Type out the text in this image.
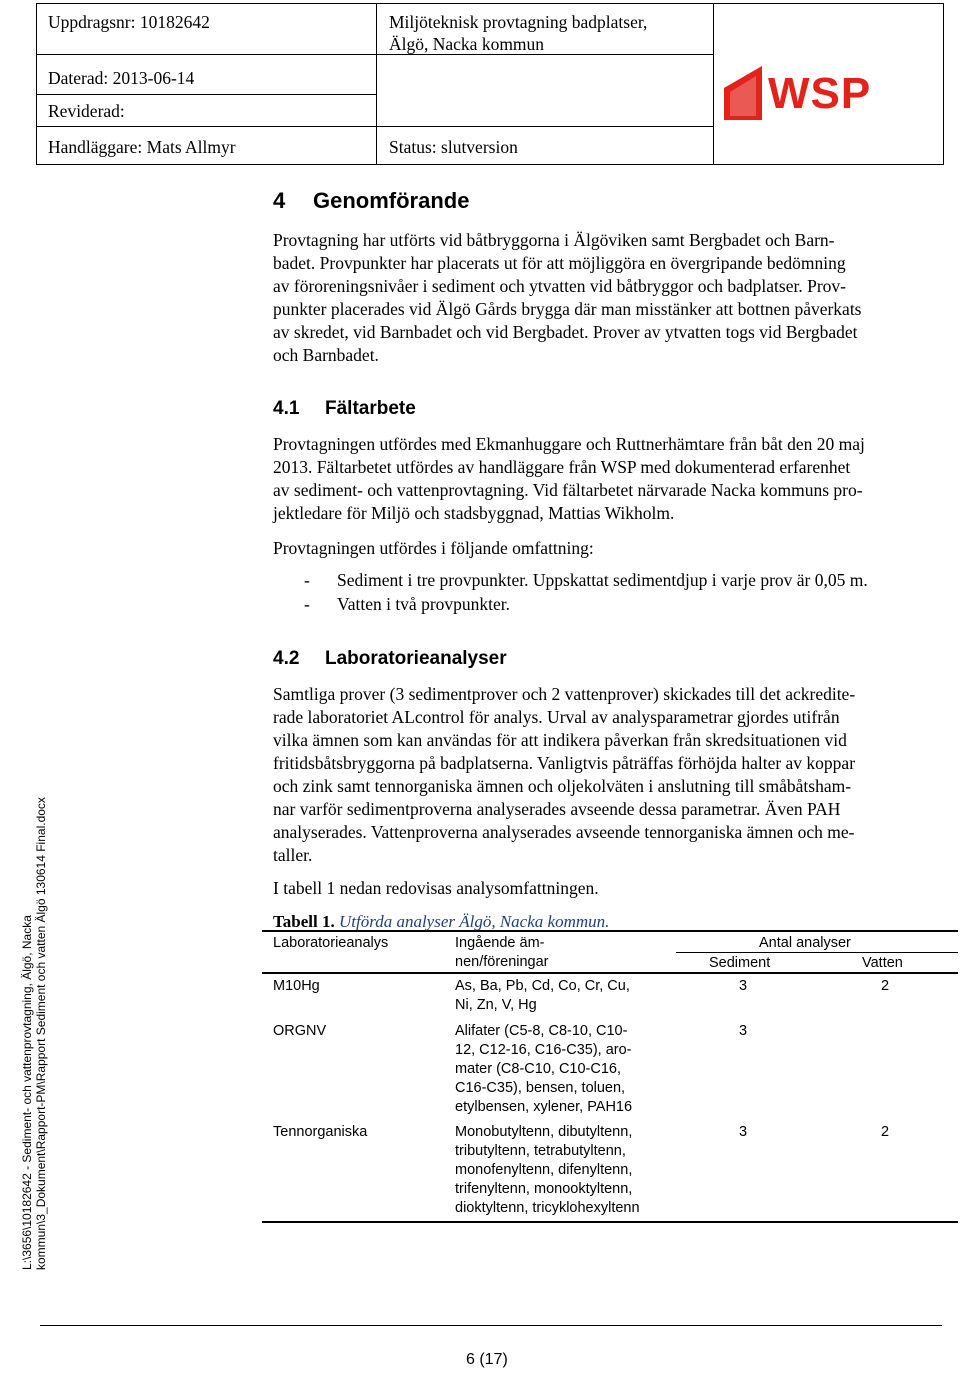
Uppdragsnr: 10182642	Miljöteknisk provtagning badplatser,
Älgö, Nacka kommun
Daterad: 2013-06-14
Reviderad:
Handläggare: Mats Allmyr	Status: slutversion
WSP
4 Genomförande
Provtagning har utförts vid båtbryggorna i Älgöviken samt Bergbadet och Barn-
badet. Provpunkter har placerats ut för att möjliggöra en övergripande bedömning
av föroreningsnivåer i sediment och ytvatten vid båtbryggor och badplatser. Prov-
punkter placerades vid Älgö Gårds brygga där man misstänker att bottnen påverkats
av skredet, vid Barnbadet och vid Bergbadet. Prover av ytvatten togs vid Bergbadet
och Barnbadet.
4.1 Fältarbete
Provtagningen utfördes med Ekmanhuggare och Ruttnerhämtare från båt den 20 maj
2013. Fältarbetet utfördes av handläggare från WSP med dokumenterad erfarenhet
av sediment- och vattenprovtagning. Vid fältarbetet närvarade Nacka kommuns pro-
jektledare för Miljö och stadsbyggnad, Mattias Wikholm.
Provtagningen utfördes i följande omfattning:
- Sediment i tre provpunkter. Uppskattat sedimentdjup i varje prov är 0,05 m.
- Vatten i två provpunkter.
4.2 Laboratorieanalyser
Samtliga prover (3 sedimentprover och 2 vattenprover) skickades till det ackredite-
rade laboratoriet ALcontrol för analys. Urval av analysparametrar gjordes utifrån
vilka ämnen som kan användas för att indikera påverkan från skredsituationen vid
fritidsbåtsbryggorna på badplatserna. Vanligtvis påträffas förhöjda halter av koppar
och zink samt tennorganiska ämnen och oljekolväten i anslutning till småbåtsham-
nar varför sedimentproverna analyserades avseende dessa parametrar. Även PAH
analyserades. Vattenproverna analyserades avseende tennorganiska ämnen och me-
taller.
I tabell 1 nedan redovisas analysomfattningen.
Tabell 1. Utförda analyser Älgö, Nacka kommun.
Laboratorieanalys	Ingående äm-
nen/föreningar
Antal analyser
Sediment	Vatten
M10Hg	As, Ba, Pb, Cd, Co, Cr, Cu,
Ni, Zn, V, Hg
3	2
ORGNV	Alifater (C5-8, C8-10, C10-
12, C12-16, C16-C35), aro-
mater (C8-C10, C10-C16,
C16-C35), bensen, toluen,
etylbensen, xylener, PAH16
3
Tennorganiska	Monobutyltenn, dibutyltenn,
tributyltenn, tetrabutyltenn,
monofenyltenn, difenyltenn,
trifenyltenn, monooktyltenn,
dioktyltenn, tricyklohexyltenn
3	2
L:\3656\10182642 - Sediment- och vattenprovtagning, Älgö, Nacka kommun\3_Dokument\Rapport-PM\Rapport Sediment och vatten Älgö 130614 Final.docx
6 (17)
